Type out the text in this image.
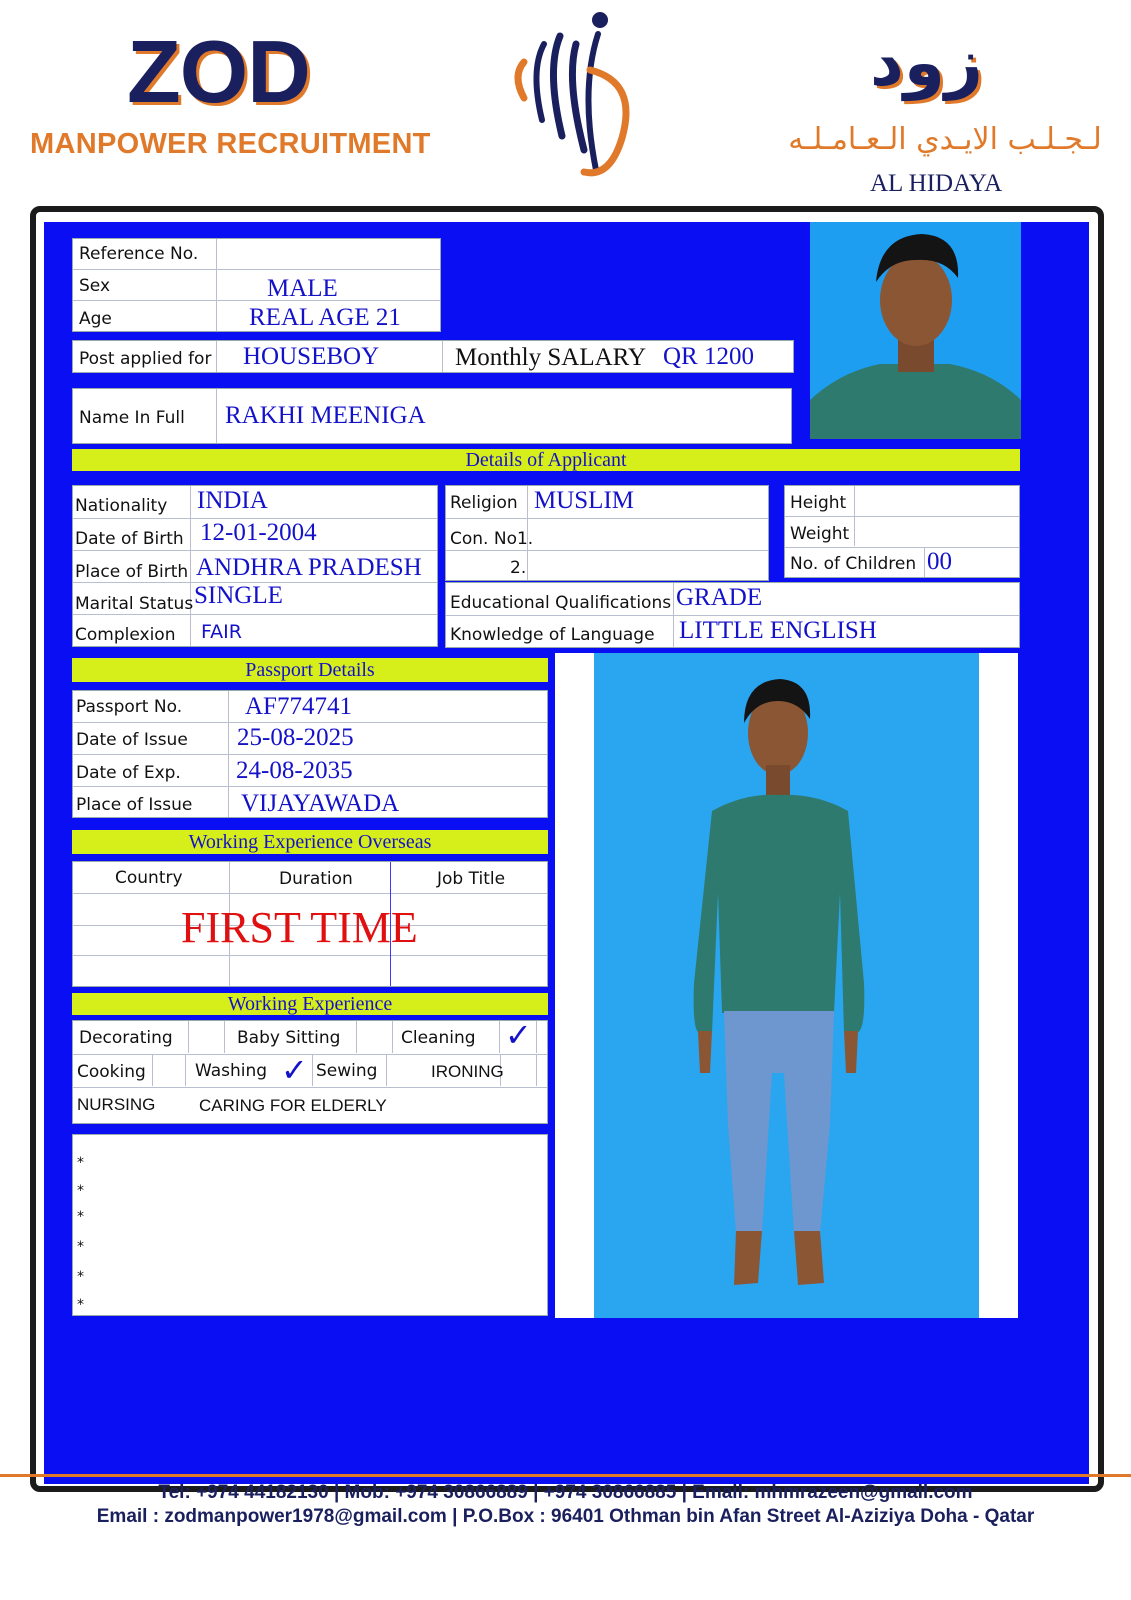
ZOD
MANPOWER RECRUITMENT
زود
لـجـلـب الايـدي الـعـامـلـه
AL HIDAYA
Reference No.
Sex	MALE
Age	REAL AGE 21
Post applied for HOUSEBOY	Monthly SALARY QR 1200
Name In Full RAKHI MEENIGA
Details of Applicant
Nationality INDIA
Date of Birth 12-01-2004
Place of Birth ANDHRA PRADESH
Marital Status SINGLE
Complexion FAIR
Religion MUSLIM
Con. No1.
2.
Height
Weight
No. of Children 00
Educational Qualifications GRADE
Knowledge of Language LITTLE ENGLISH
Passport Details
Passport No.	AF774741
Date of Issue 25-08-2025
Date of Exp. 24-08-2035
Place of Issue VIJAYAWADA
Working Experience Overseas
Country	Duration	Job Title
FIRST TIME
Working Experience
Decorating	Baby Sitting	Cleaning ✓
Cooking	Washing ✓ Sewing	IRONING
NURSING	CARING FOR ELDERLY
*
*
*
*
*
*
Tel: +974 44182130 | Mob: +974 30866889 | +974 30866885 | Email: mhmrazeen@gmail.com
Email : zodmanpower1978@gmail.com | P.O.Box : 96401 Othman bin Afan Street Al-Aziziya Doha - Qatar
